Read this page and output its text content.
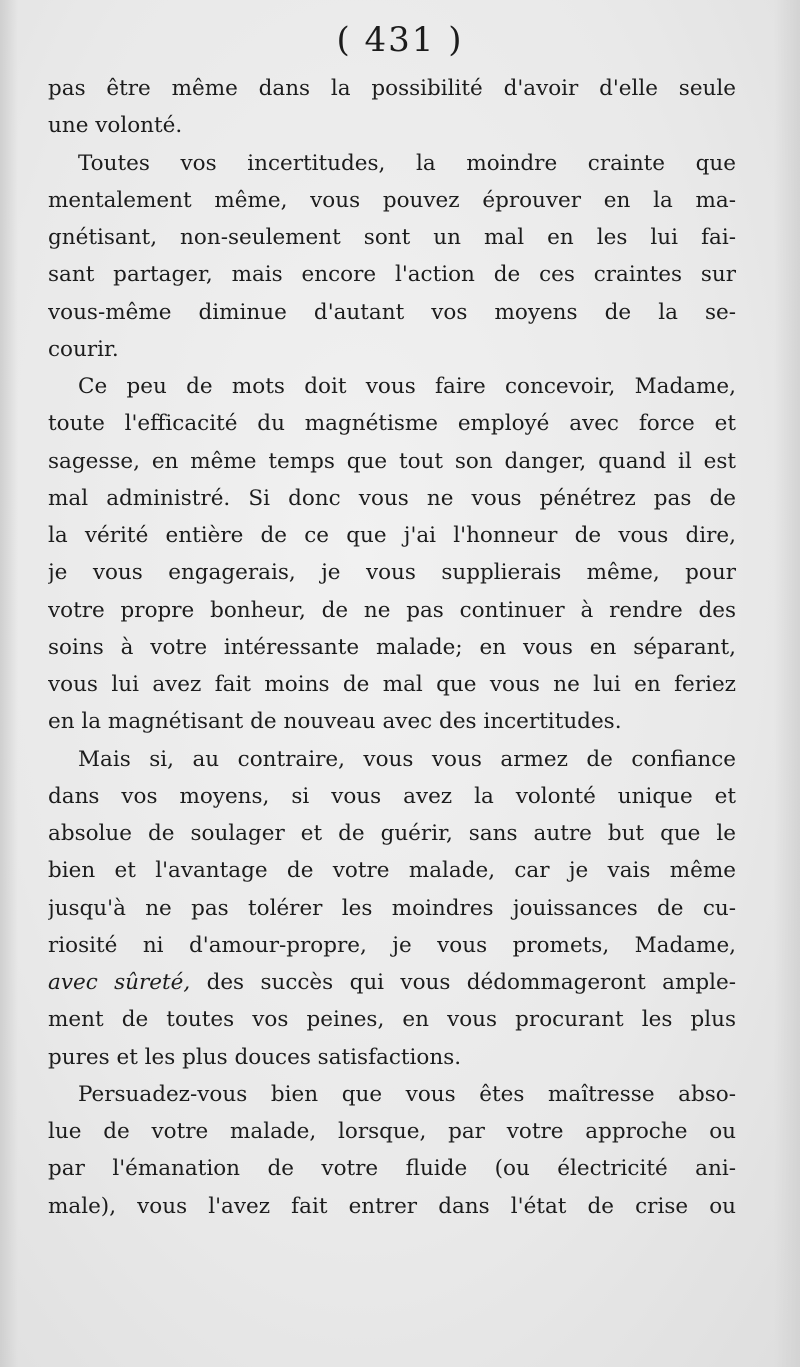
( 431 )
pas être même dans la possibilité d'avoir d'elle seule
une volonté.
Toutes vos incertitudes, la moindre crainte que
mentalement même, vous pouvez éprouver en la ma-
gnétisant, non-seulement sont un mal en les lui fai-
sant partager, mais encore l'action de ces craintes sur
vous-même diminue d'autant vos moyens de la se-
courir.
Ce peu de mots doit vous faire concevoir, Madame,
toute l'efficacité du magnétisme employé avec force et
sagesse, en même temps que tout son danger, quand il est
mal administré. Si donc vous ne vous pénétrez pas de
la vérité entière de ce que j'ai l'honneur de vous dire,
je vous engagerais, je vous supplierais même, pour
votre propre bonheur, de ne pas continuer à rendre des
soins à votre intéressante malade; en vous en séparant,
vous lui avez fait moins de mal que vous ne lui en feriez
en la magnétisant de nouveau avec des incertitudes.
Mais si, au contraire, vous vous armez de confiance
dans vos moyens, si vous avez la volonté unique et
absolue de soulager et de guérir, sans autre but que le
bien et l'avantage de votre malade, car je vais même
jusqu'à ne pas tolérer les moindres jouissances de cu-
riosité ni d'amour-propre, je vous promets, Madame,
avec sûreté, des succès qui vous dédommageront ample-
ment de toutes vos peines, en vous procurant les plus
pures et les plus douces satisfactions.
Persuadez-vous bien que vous êtes maîtresse abso-
lue de votre malade, lorsque, par votre approche ou
par l'émanation de votre fluide (ou électricité ani-
male), vous l'avez fait entrer dans l'état de crise ou
